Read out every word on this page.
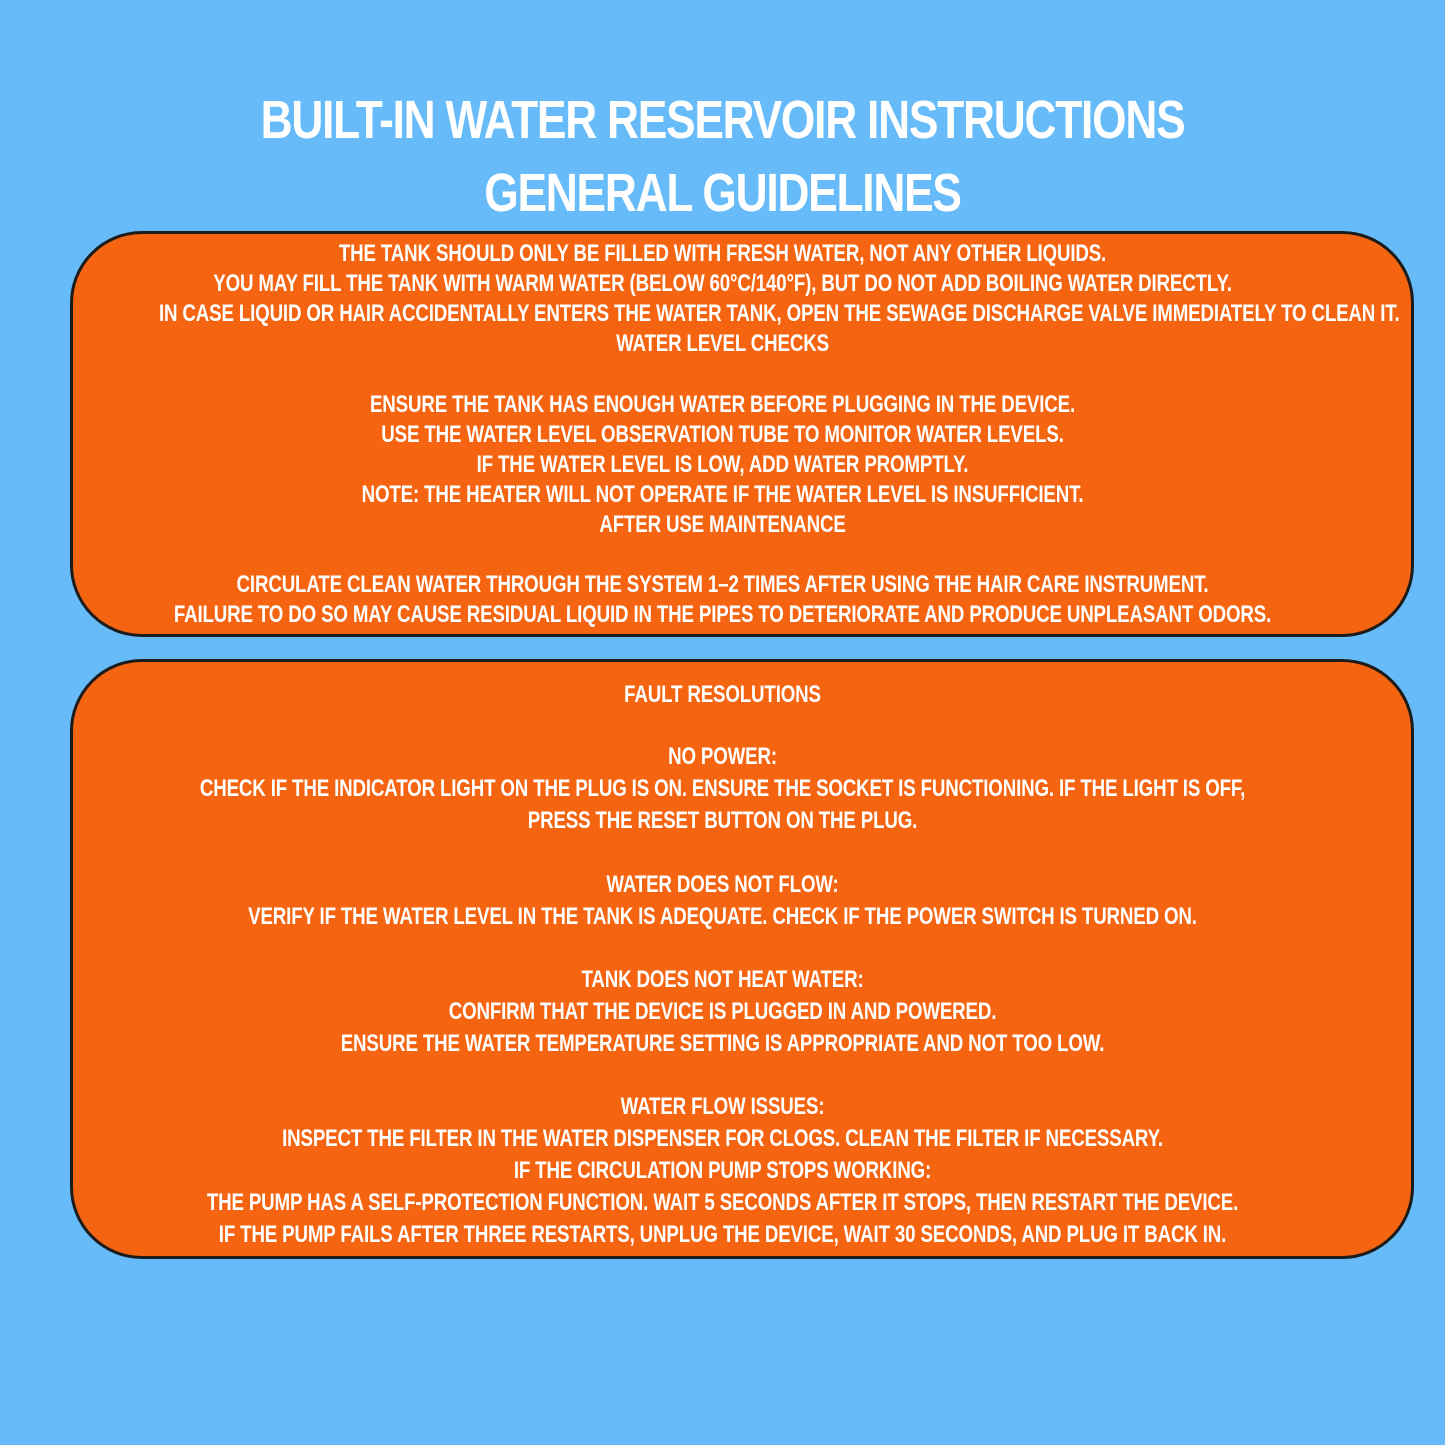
BUILT-IN WATER RESERVOIR INSTRUCTIONS
GENERAL GUIDELINES
THE TANK SHOULD ONLY BE FILLED WITH FRESH WATER, NOT ANY OTHER LIQUIDS.
YOU MAY FILL THE TANK WITH WARM WATER (BELOW 60°C/140°F), BUT DO NOT ADD BOILING WATER DIRECTLY.
IN CASE LIQUID OR HAIR ACCIDENTALLY ENTERS THE WATER TANK, OPEN THE SEWAGE DISCHARGE VALVE IMMEDIATELY TO CLEAN IT.
WATER LEVEL CHECKS
ENSURE THE TANK HAS ENOUGH WATER BEFORE PLUGGING IN THE DEVICE.
USE THE WATER LEVEL OBSERVATION TUBE TO MONITOR WATER LEVELS.
IF THE WATER LEVEL IS LOW, ADD WATER PROMPTLY.
NOTE: THE HEATER WILL NOT OPERATE IF THE WATER LEVEL IS INSUFFICIENT.
AFTER USE MAINTENANCE
CIRCULATE CLEAN WATER THROUGH THE SYSTEM 1–2 TIMES AFTER USING THE HAIR CARE INSTRUMENT.
FAILURE TO DO SO MAY CAUSE RESIDUAL LIQUID IN THE PIPES TO DETERIORATE AND PRODUCE UNPLEASANT ODORS.
FAULT RESOLUTIONS
NO POWER:
CHECK IF THE INDICATOR LIGHT ON THE PLUG IS ON. ENSURE THE SOCKET IS FUNCTIONING. IF THE LIGHT IS OFF,
PRESS THE RESET BUTTON ON THE PLUG.
WATER DOES NOT FLOW:
VERIFY IF THE WATER LEVEL IN THE TANK IS ADEQUATE. CHECK IF THE POWER SWITCH IS TURNED ON.
TANK DOES NOT HEAT WATER:
CONFIRM THAT THE DEVICE IS PLUGGED IN AND POWERED.
ENSURE THE WATER TEMPERATURE SETTING IS APPROPRIATE AND NOT TOO LOW.
WATER FLOW ISSUES:
INSPECT THE FILTER IN THE WATER DISPENSER FOR CLOGS. CLEAN THE FILTER IF NECESSARY.
IF THE CIRCULATION PUMP STOPS WORKING:
THE PUMP HAS A SELF-PROTECTION FUNCTION. WAIT 5 SECONDS AFTER IT STOPS, THEN RESTART THE DEVICE.
IF THE PUMP FAILS AFTER THREE RESTARTS, UNPLUG THE DEVICE, WAIT 30 SECONDS, AND PLUG IT BACK IN.
